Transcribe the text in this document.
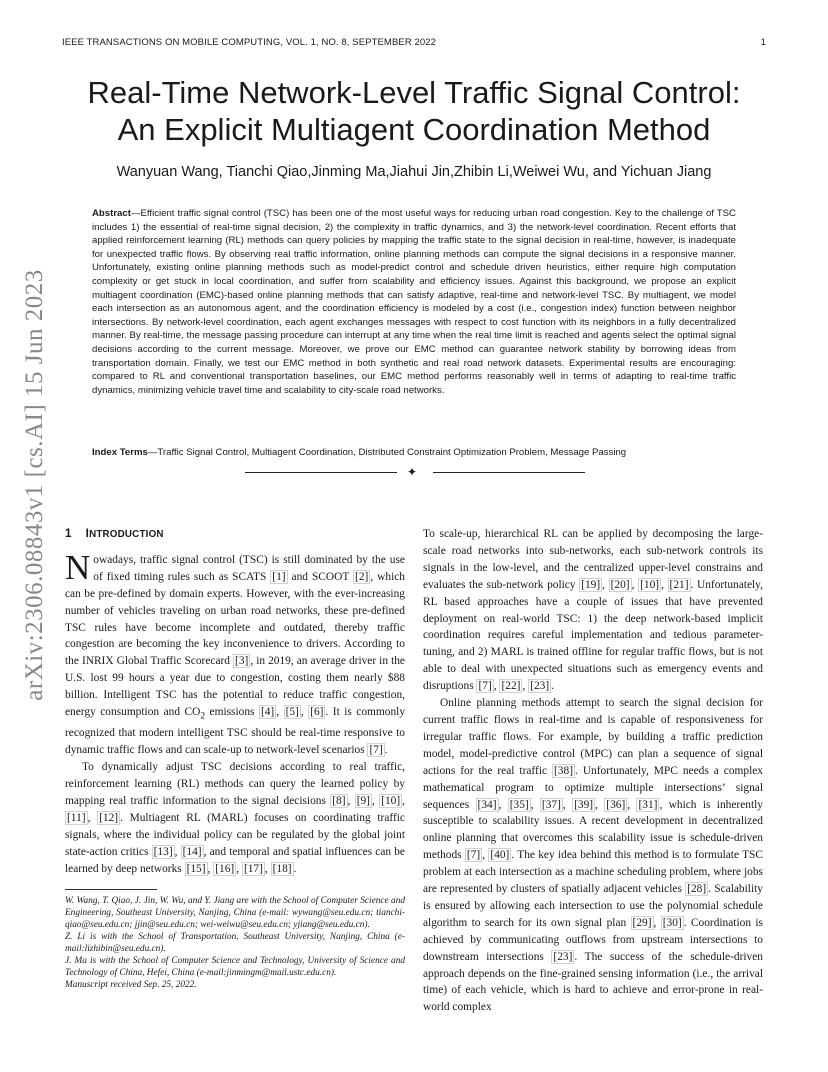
IEEE TRANSACTIONS ON MOBILE COMPUTING, VOL. 1, NO. 8, SEPTEMBER 2022	1
arXiv:2306.08843v1 [cs.AI] 15 Jun 2023
Real-Time Network-Level Traffic Signal Control:
An Explicit Multiagent Coordination Method
Wanyuan Wang, Tianchi Qiao,Jinming Ma,Jiahui Jin,Zhibin Li,Weiwei Wu, and Yichuan Jiang
Abstract—Efficient traffic signal control (TSC) has been one of the most useful ways for reducing urban road congestion. Key to the challenge of TSC includes 1) the essential of real-time signal decision, 2) the complexity in traffic dynamics, and 3) the network-level coordination. Recent efforts that applied reinforcement learning (RL) methods can query policies by mapping the traffic state to the signal decision in real-time, however, is inadequate for unexpected traffic flows. By observing real traffic information, online planning methods can compute the signal decisions in a responsive manner. Unfortunately, existing online planning methods such as model-predict control and schedule driven heuristics, either require high computation complexity or get stuck in local coordination, and suffer from scalability and efficiency issues. Against this background, we propose an explicit multiagent coordination (EMC)-based online planning methods that can satisfy adaptive, real-time and network-level TSC. By multiagent, we model each intersection as an autonomous agent, and the coordination efficiency is modeled by a cost (i.e., congestion index) function between neighbor intersections. By network-level coordination, each agent exchanges messages with respect to cost function with its neighbors in a fully decentralized manner. By real-time, the message passing procedure can interrupt at any time when the real time limit is reached and agents select the optimal signal decisions according to the current message. Moreover, we prove our EMC method can guarantee network stability by borrowing ideas from transportation domain. Finally, we test our EMC method in both synthetic and real road network datasets. Experimental results are encouraging: compared to RL and conventional transportation baselines, our EMC method performs reasonably well in terms of adapting to real-time traffic dynamics, minimizing vehicle travel time and scalability to city-scale road networks.
Index Terms—Traffic Signal Control, Multiagent Coordination, Distributed Constraint Optimization Problem, Message Passing
✦
1 INTRODUCTION

Nowadays, traffic signal control (TSC) is still dominated by the use of fixed timing rules such as SCATS [1] and SCOOT [2] , which can be pre-defined by domain experts. However, with the ever-increasing number of vehicles traveling on urban road networks, these pre-defined TSC rules have become incomplete and outdated, thereby traffic congestion are becoming the key inconvenience to drivers. According to the INRIX Global Traffic Scorecard [3] , in 2019, an average driver in the U.S. lost 99 hours a year due to congestion, costing them nearly $88 billion. Intelligent TSC has the potential to reduce traffic congestion, energy consumption and $CO_2$ emissions [4] , [5] , [6] . It is commonly recognized that modern intelligent TSC should be real-time responsive to dynamic traffic flows and can scale-up to network-level scenarios [7] .

To dynamically adjust TSC decisions according to real traffic, reinforcement learning (RL) methods can query the learned policy by mapping real traffic information to the signal decisions [8] , [9] , [10] , [11] , [12] . Multiagent RL (MARL) focuses on coordinating traffic signals, where the individual policy can be regulated by the global joint state-action critics [13] , [14] , and temporal and spatial influences can be learned by deep networks [15] , [16] , [17] , [18] .

W. Wang, T. Qiao, J. Jin, W. Wu, and Y. Jiang are with the School of Computer Science and Engineering, Southeast University, Nanjing, China (e-mail: wywang@seu.edu.cn; tianchi-qiao@seu.edu.cn; jjin@seu.edu.cn; wei-weiwu@seu.edu.cn; yjiang@seu.edu.cn).

Z. Li is with the School of Transportation, Southeast University, Nanjing, China (e-mail:lizhibin@seu.edu.cn).

J. Ma is with the School of Computer Science and Technology, University of Science and Technology of China, Hefei, China (e-mail:jinmingm@mail.ustc.edu.cn).

Manuscript received Sep. 25, 2022.

To scale-up, hierarchical RL can be applied by decomposing the large-scale road networks into sub-networks, each sub-network controls its signals in the low-level, and the centralized upper-level constrains and evaluates the sub-network policy [19] , [20] , [10] , [21] . Unfortunately, RL based approaches have a couple of issues that have prevented deployment on real-world TSC: 1) the deep network-based implicit coordination requires careful implementation and tedious parameter-tuning, and 2) MARL is trained offline for regular traffic flows, but is not able to deal with unexpected situations such as emergency events and disruptions [7] , [22] , [23] .

Online planning methods attempt to search the signal decision for current traffic flows in real-time and is capable of responsiveness for irregular traffic flows. For example, by building a traffic prediction model, model-predictive control (MPC) can plan a sequence of signal actions for the real traffic [38] . Unfortunately, MPC needs a complex mathematical program to optimize multiple intersections’ signal sequences [34] , [35] , [37] , [39] , [36] , [31] , which is inherently susceptible to scalability issues. A recent development in decentralized online planning that overcomes this scalability issue is schedule-driven methods [7] , [40] . The key idea behind this method is to formulate TSC problem at each intersection as a machine scheduling problem, where jobs are represented by clusters of spatially adjacent vehicles [28] . Scalability is ensured by allowing each intersection to use the polynomial schedule algorithm to search for its own signal plan [29] , [30] . Coordination is achieved by communicating outflows from upstream intersections to downstream intersections [23] . The success of the schedule-driven approach depends on the fine-grained sensing information (i.e., the arrival time) of each vehicle, which is hard to achieve and error-prone in real-world complex
